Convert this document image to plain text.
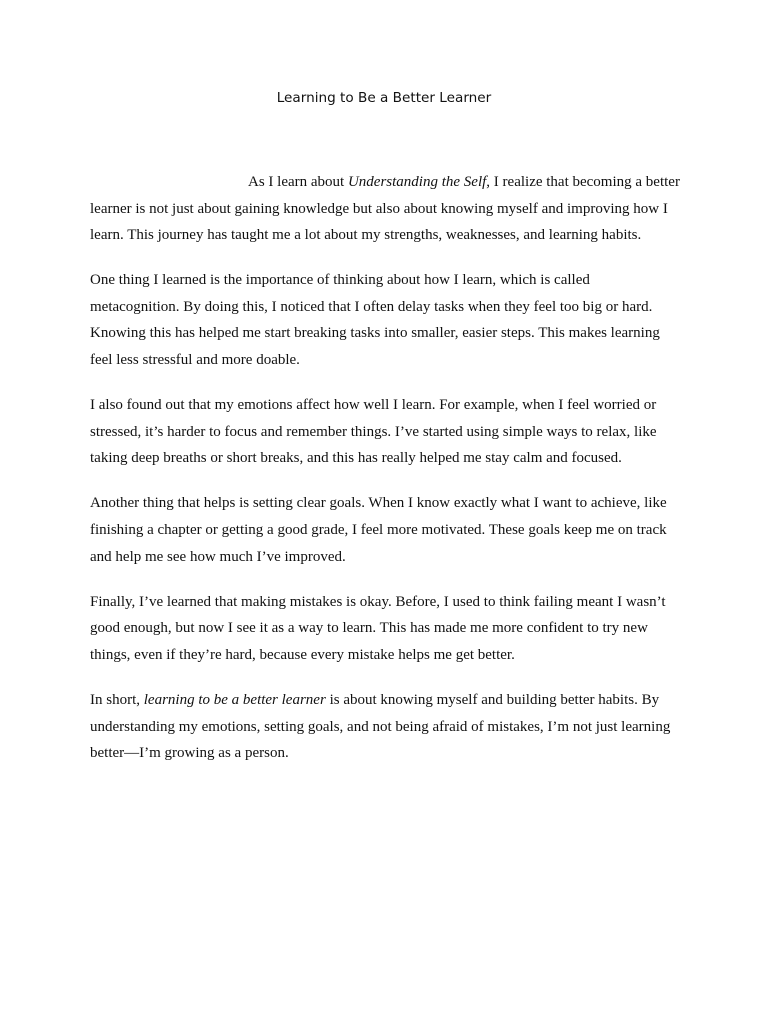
Learning to Be a Better Learner

As I learn about Understanding the Self, I realize that becoming a better learner is not just about gaining knowledge but also about knowing myself and improving how I learn. This journey has taught me a lot about my strengths, weaknesses, and learning habits.

One thing I learned is the importance of thinking about how I learn, which is called metacognition. By doing this, I noticed that I often delay tasks when they feel too big or hard. Knowing this has helped me start breaking tasks into smaller, easier steps. This makes learning feel less stressful and more doable.

I also found out that my emotions affect how well I learn. For example, when I feel worried or stressed, it’s harder to focus and remember things. I’ve started using simple ways to relax, like taking deep breaths or short breaks, and this has really helped me stay calm and focused.

Another thing that helps is setting clear goals. When I know exactly what I want to achieve, like finishing a chapter or getting a good grade, I feel more motivated. These goals keep me on track and help me see how much I’ve improved.

Finally, I’ve learned that making mistakes is okay. Before, I used to think failing meant I wasn’t good enough, but now I see it as a way to learn. This has made me more confident to try new things, even if they’re hard, because every mistake helps me get better.

In short, learning to be a better learner is about knowing myself and building better habits. By understanding my emotions, setting goals, and not being afraid of mistakes, I’m not just learning better—I’m growing as a person.
